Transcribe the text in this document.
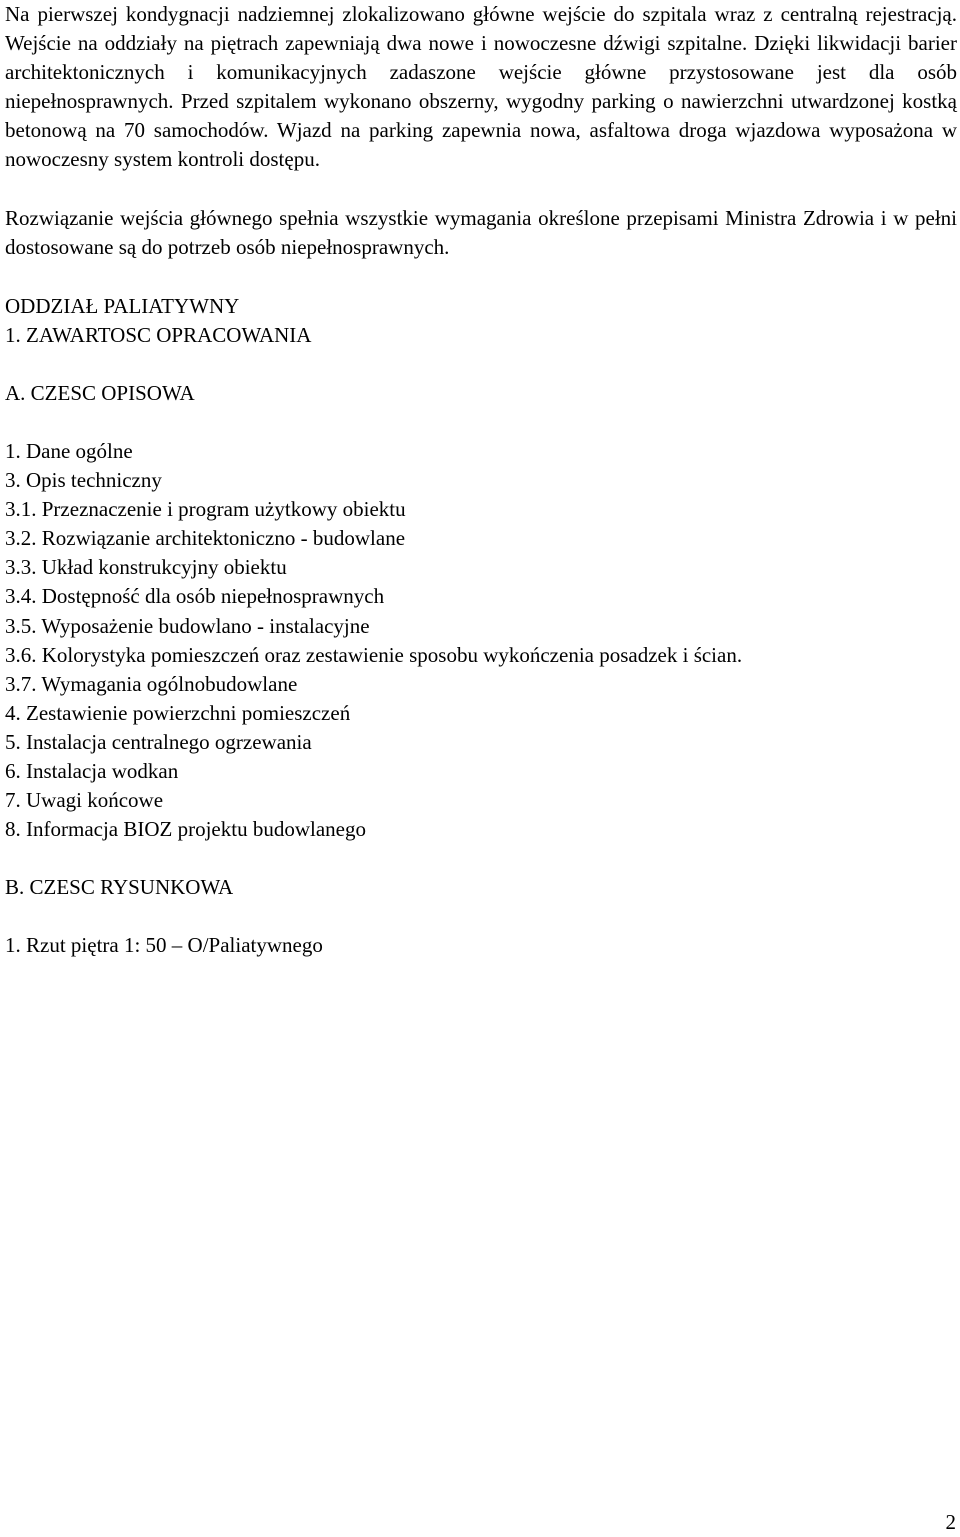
Na pierwszej kondygnacji nadziemnej zlokalizowano główne wejście do szpitala wraz z centralną rejestracją. Wejście na oddziały na piętrach zapewniają dwa nowe i nowoczesne dźwigi szpitalne. Dzięki likwidacji barier architektonicznych i komunikacyjnych zadaszone wejście główne przystosowane jest dla osób niepełnosprawnych. Przed szpitalem wykonano obszerny, wygodny parking o nawierzchni utwardzonej kostką betonową na 70 samochodów. Wjazd na parking zapewnia nowa, asfaltowa droga wjazdowa wyposażona w nowoczesny system kontroli dostępu.

Rozwiązanie wejścia głównego spełnia wszystkie wymagania określone przepisami Ministra Zdrowia i w pełni dostosowane są do potrzeb osób niepełnosprawnych.

ODDZIAŁ PALIATYWNY
1. ZAWARTOSC OPRACOWANIA
A. CZESC OPISOWA
1. Dane ogólne
3. Opis techniczny
3.1. Przeznaczenie i program użytkowy obiektu
3.2. Rozwiązanie architektoniczno - budowlane
3.3. Układ konstrukcyjny obiektu
3.4. Dostępność dla osób niepełnosprawnych
3.5. Wyposażenie budowlano - instalacyjne
3.6. Kolorystyka pomieszczeń oraz zestawienie sposobu wykończenia posadzek i ścian.
3.7. Wymagania ogólnobudowlane
4. Zestawienie powierzchni pomieszczeń
5. Instalacja centralnego ogrzewania
6. Instalacja wodkan
7. Uwagi końcowe
8. Informacja BIOZ projektu budowlanego
B. CZESC RYSUNKOWA
1. Rzut piętra 1: 50 – O/Paliatywnego

2
